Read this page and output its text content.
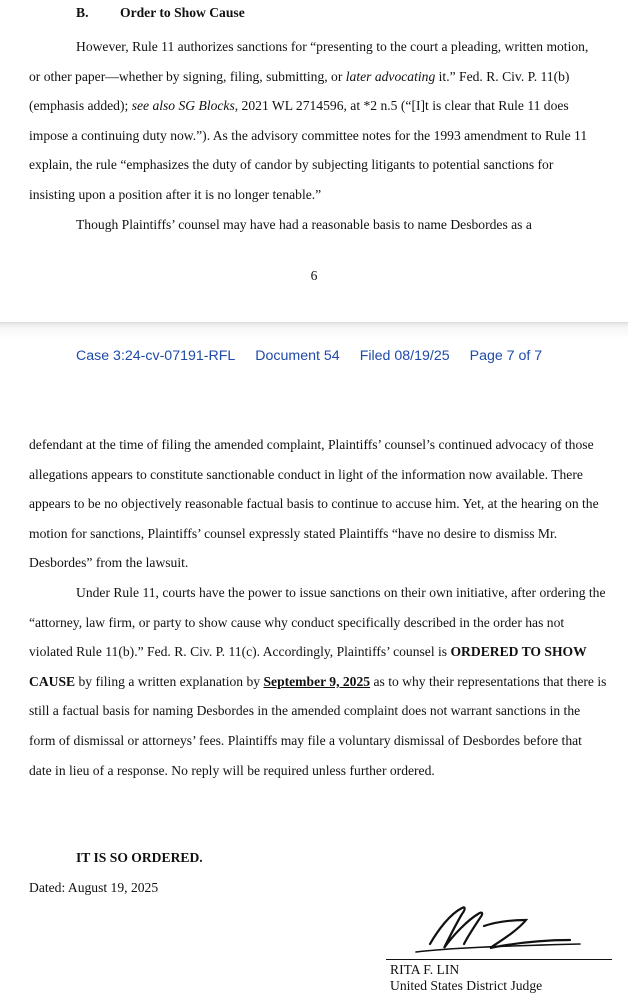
B. Order to Show Cause
However, Rule 11 authorizes sanctions for “presenting to the court a pleading, written motion, or other paper—whether by signing, filing, submitting, or later advocating it.” Fed. R. Civ. P. 11(b) (emphasis added); see also SG Blocks, 2021 WL 2714596, at *2 n.5 (“[I]t is clear that Rule 11 does impose a continuing duty now.”). As the advisory committee notes for the 1993 amendment to Rule 11 explain, the rule “emphasizes the duty of candor by subjecting litigants to potential sanctions for insisting upon a position after it is no longer tenable.”
Though Plaintiffs’ counsel may have had a reasonable basis to name Desbordes as a
6
Case 3:24-cv-07191-RFL Document 54 Filed 08/19/25 Page 7 of 7
defendant at the time of filing the amended complaint, Plaintiffs’ counsel’s continued advocacy of those allegations appears to constitute sanctionable conduct in light of the information now available. There appears to be no objectively reasonable factual basis to continue to accuse him. Yet, at the hearing on the motion for sanctions, Plaintiffs’ counsel expressly stated Plaintiffs “have no desire to dismiss Mr. Desbordes” from the lawsuit.
Under Rule 11, courts have the power to issue sanctions on their own initiative, after ordering the “attorney, law firm, or party to show cause why conduct specifically described in the order has not violated Rule 11(b).” Fed. R. Civ. P. 11(c). Accordingly, Plaintiffs’ counsel is ORDERED TO SHOW CAUSE by filing a written explanation by September 9, 2025 as to why their representations that there is still a factual basis for naming Desbordes in the amended complaint does not warrant sanctions in the form of dismissal or attorneys’ fees. Plaintiffs may file a voluntary dismissal of Desbordes before that date in lieu of a response. No reply will be required unless further ordered.
IT IS SO ORDERED.
Dated: August 19, 2025
RITA F. LIN
United States District Judge
